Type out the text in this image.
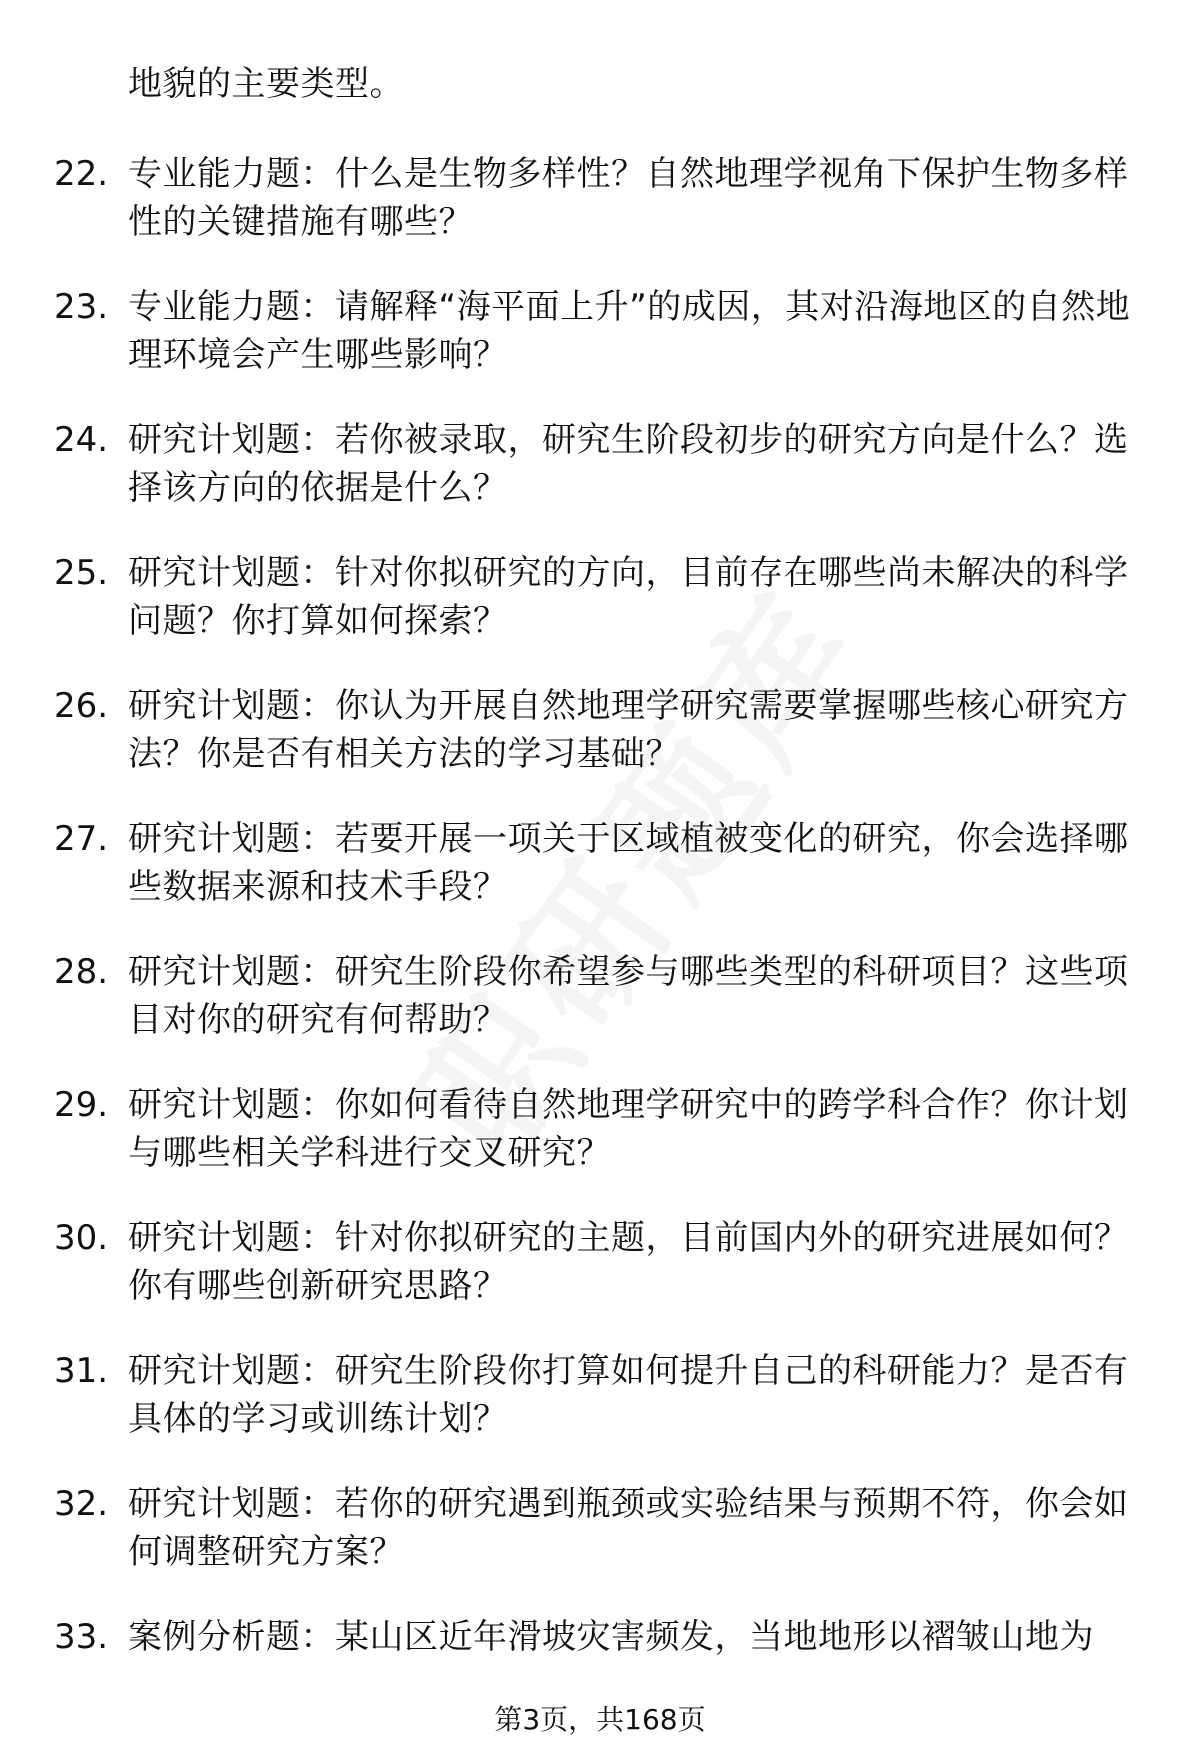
地貌的主要类型。
22. 专业能力题：什么是生物多样性？自然地理学视角下保护生物多样性的关键措施有哪些？
23. 专业能力题：请解释“海平面上升”的成因，其对沿海地区的自然地理环境会产生哪些影响？
24. 研究计划题：若你被录取，研究生阶段初步的研究方向是什么？选择该方向的依据是什么？
25. 研究计划题：针对你拟研究的方向，目前存在哪些尚未解决的科学问题？你打算如何探索？
26. 研究计划题：你认为开展自然地理学研究需要掌握哪些核心研究方法？你是否有相关方法的学习基础？
27. 研究计划题：若要开展一项关于区域植被变化的研究，你会选择哪些数据来源和技术手段？
28. 研究计划题：研究生阶段你希望参与哪些类型的科研项目？这些项目对你的研究有何帮助？
29. 研究计划题：你如何看待自然地理学研究中的跨学科合作？你计划与哪些相关学科进行交叉研究？
30. 研究计划题：针对你拟研究的主题，目前国内外的研究进展如何？你有哪些创新研究思路？
31. 研究计划题：研究生阶段你打算如何提升自己的科研能力？是否有具体的学习或训练计划？
32. 研究计划题：若你的研究遇到瓶颈或实验结果与预期不符，你会如何调整研究方案？
33. 案例分析题：某山区近年滑坡灾害频发，当地地形以褶皱山地为
第3页，共168页
